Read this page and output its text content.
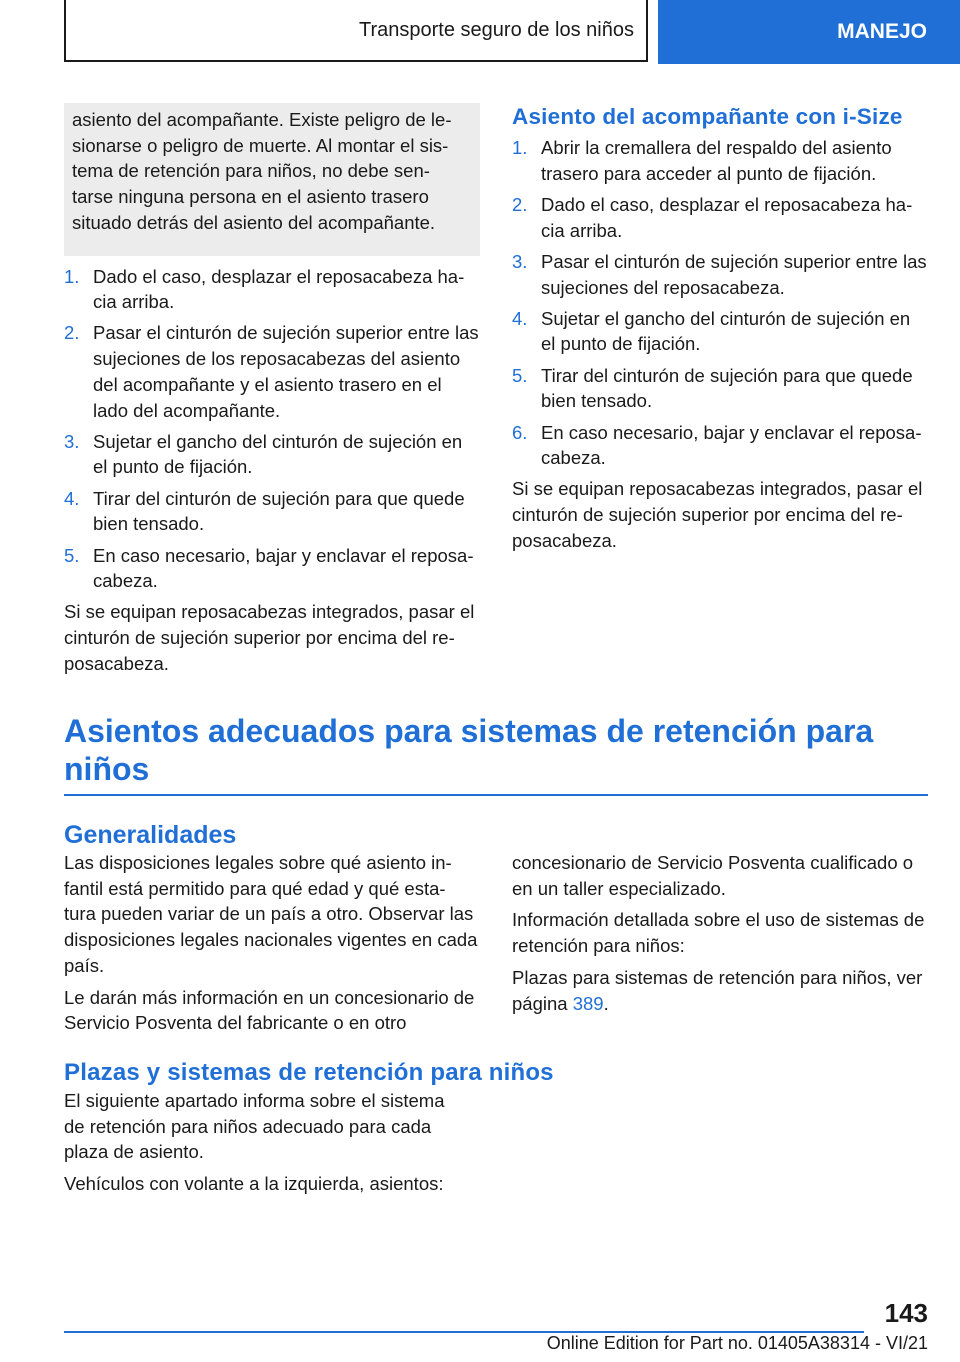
Transporte seguro de los niños	MANEJO
asiento del acompañante. Existe peligro de le- sionarse o peligro de muerte. Al montar el sis- tema de retención para niños, no debe sen- tarse ninguna persona en el asiento trasero situado detrás del asiento del acompañante.
1. Dado el caso, desplazar el reposacabeza ha- cia arriba.
2. Pasar el cinturón de sujeción superior entre las sujeciones de los reposacabezas del asiento del acompañante y el asiento trasero en el lado del acompañante.
3. Sujetar el gancho del cinturón de sujeción en el punto de fijación.
4. Tirar del cinturón de sujeción para que quede bien tensado.
5. En caso necesario, bajar y enclavar el reposa- cabeza.

Si se equipan reposacabezas integrados, pasar el cinturón de sujeción superior por encima del re- posacabeza.

Asiento del acompañante con i-Size
1. Abrir la cremallera del respaldo del asiento trasero para acceder al punto de fijación.
2. Dado el caso, desplazar el reposacabeza ha- cia arriba.
3. Pasar el cinturón de sujeción superior entre las sujeciones del reposacabeza.
4. Sujetar el gancho del cinturón de sujeción en el punto de fijación.
5. Tirar del cinturón de sujeción para que quede bien tensado.
6. En caso necesario, bajar y enclavar el reposa- cabeza.

Si se equipan reposacabezas integrados, pasar el cinturón de sujeción superior por encima del re- posacabeza.

Asientos adecuados para sistemas de retención para niños
Generalidades

Las disposiciones legales sobre qué asiento in- fantil está permitido para qué edad y qué esta- tura pueden variar de un país a otro. Observar las disposiciones legales nacionales vigentes en cada país.

Le darán más información en un concesionario de Servicio Posventa del fabricante o en otro

concesionario de Servicio Posventa cualificado o en un taller especializado.

Información detallada sobre el uso de sistemas de retención para niños:

Plazas para sistemas de retención para niños, ver página 389.

Plazas y sistemas de retención para niños

El siguiente apartado informa sobre el sistema de retención para niños adecuado para cada plaza de asiento.

Vehículos con volante a la izquierda, asientos:

143
Online Edition for Part no. 01405A38314 - VI/21
